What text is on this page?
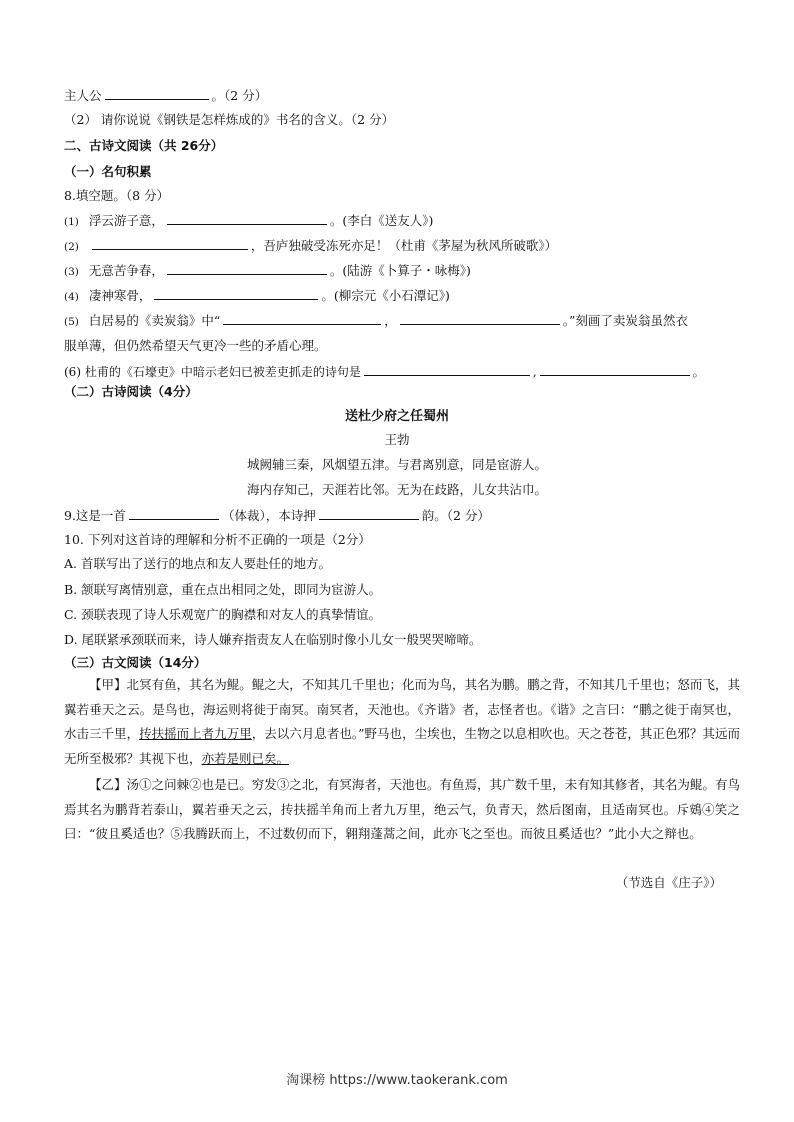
主人公	。（2 分）
（2） 请你说说《钢铁是怎样炼成的》书名的含义。（2 分）
二、古诗文阅读（共 26分）
（一）名句积累
8.填空题。（8 分）
(1) 浮云游子意，	。(李白《送友人》)
(2)	，吾庐独破受冻死亦足！（杜甫《茅屋为秋风所破歌》）
(3) 无意苦争春，	。(陆游《卜算子・咏梅》)
(4) 凄神寒骨，	。(柳宗元《小石潭记》)
(5) 白居易的《卖炭翁》中“	，	。”刻画了卖炭翁虽然衣
服单薄，但仍然希望天气更冷一些的矛盾心理。
(6) 杜甫的《石壕吏》中暗示老妇已被差吏抓走的诗句是	,	。
（二）古诗阅读（4分）
送杜少府之任蜀州
王勃
城阙辅三秦，风烟望五津。与君离别意，同是宦游人。
海内存知己，天涯若比邻。无为在歧路，儿女共沾巾。
9.这是一首	（体裁），本诗押	韵。（2 分）
10. 下列对这首诗的理解和分析不正确的一项是（2分）
A. 首联写出了送行的地点和友人要赴任的地方。
B. 颔联写离情别意，重在点出相同之处，即同为宦游人。
C. 颈联表现了诗人乐观宽广的胸襟和对友人的真挚情谊。
D. 尾联紧承颈联而来，诗人嫌弃指责友人在临别时像小儿女一般哭哭啼啼。
（三）古文阅读（14分）
【甲】北冥有鱼，其名为鲲。鲲之大，不知其几千里也；化而为鸟，其名为鹏。鹏之背，不知其几千里也；怒而飞，其翼若垂天之云。是鸟也，海运则将徙于南冥。南冥者，天池也。《齐谐》者，志怪者也。《谐》之言曰：“鹏之徙于南冥也，水击三千里，抟扶摇而上者九万里，去以六月息者也。”野马也，尘埃也，生物之以息相吹也。天之苍苍，其正色邪？其远而无所至极邪？其视下也，亦若是则已矣。
【乙】汤①之问棘②也是已。穷发③之北，有冥海者，天池也。有鱼焉，其广数千里，未有知其修者，其名为鲲。有鸟焉其名为鹏背若泰山，翼若垂天之云，抟扶摇羊角而上者九万里，绝云气，负青天，然后图南，且适南冥也。斥鴳④笑之曰：“彼且奚适也？⑤我腾跃而上，不过数仞而下，翱翔蓬蒿之间，此亦飞之至也。而彼且奚适也？”此小大之辩也。
（节选自《庄子》）
淘课榜 https://www.taokerank.com
